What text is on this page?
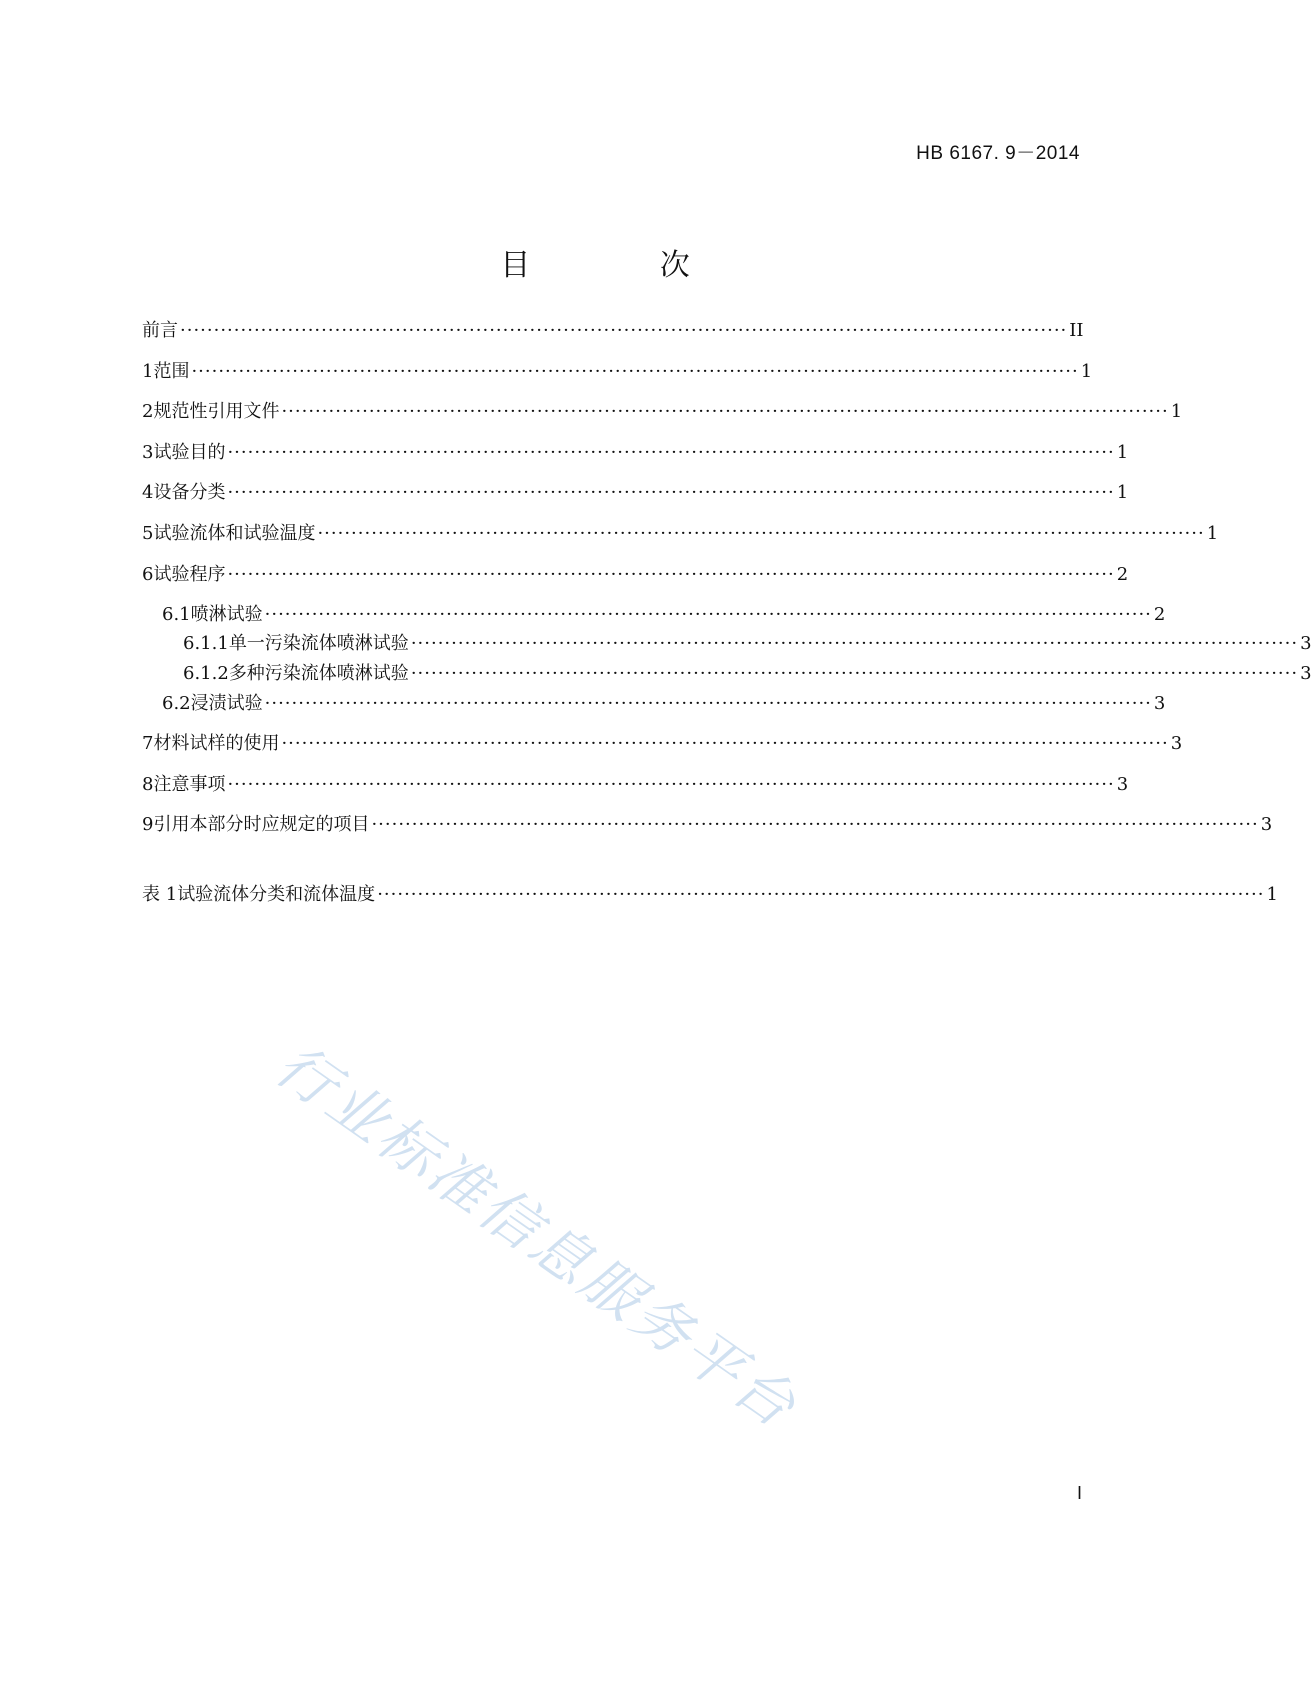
HB 6167. 9－2014
目 次
前言 ···································································································································· II
1 范围 ···································································································································· 1
2 规范性引用文件 ···································································································································· 1
3 试验目的 ···································································································································· 1
4 设备分类 ···································································································································· 1
5 试验流体和试验温度 ···································································································································· 1
6 试验程序 ···································································································································· 2
6.1 喷淋试验 ···································································································································· 2
6.1.1 单一污染流体喷淋试验 ···································································································································· 3
6.1.2 多种污染流体喷淋试验 ···································································································································· 3
6.2 浸渍试验 ···································································································································· 3
7 材料试样的使用 ···································································································································· 3
8 注意事项 ···································································································································· 3
9 引用本部分时应规定的项目 ···································································································································· 3
表 1 试验流体分类和流体温度 ···································································································································· 1
行业标准信息服务平台
I
